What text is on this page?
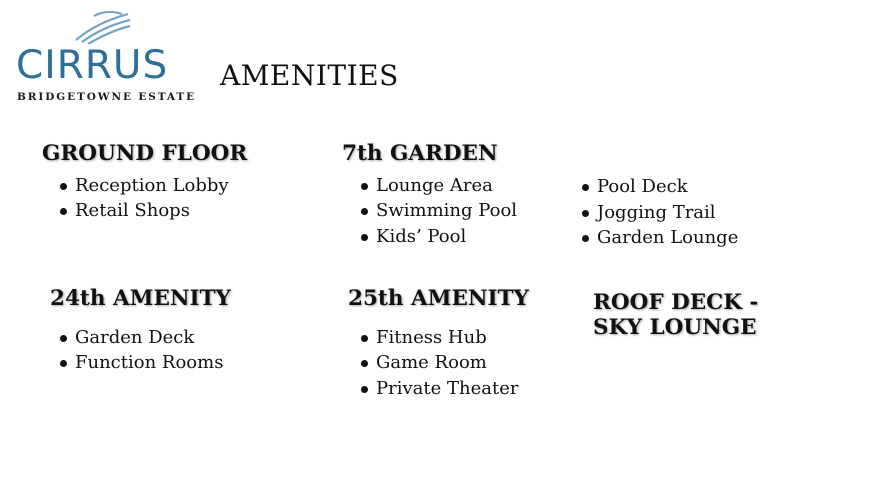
CIRRUS
BRIDGETOWNE ESTATE
AMENITIES
GROUND FLOOR
Reception Lobby
Retail Shops
7th GARDEN
Lounge Area
Swimming Pool
Kids’ Pool
Pool Deck
Jogging Trail
Garden Lounge
24th AMENITY
Garden Deck
Function Rooms
25th AMENITY
Fitness Hub
Game Room
Private Theater
ROOF DECK -
SKY LOUNGE
